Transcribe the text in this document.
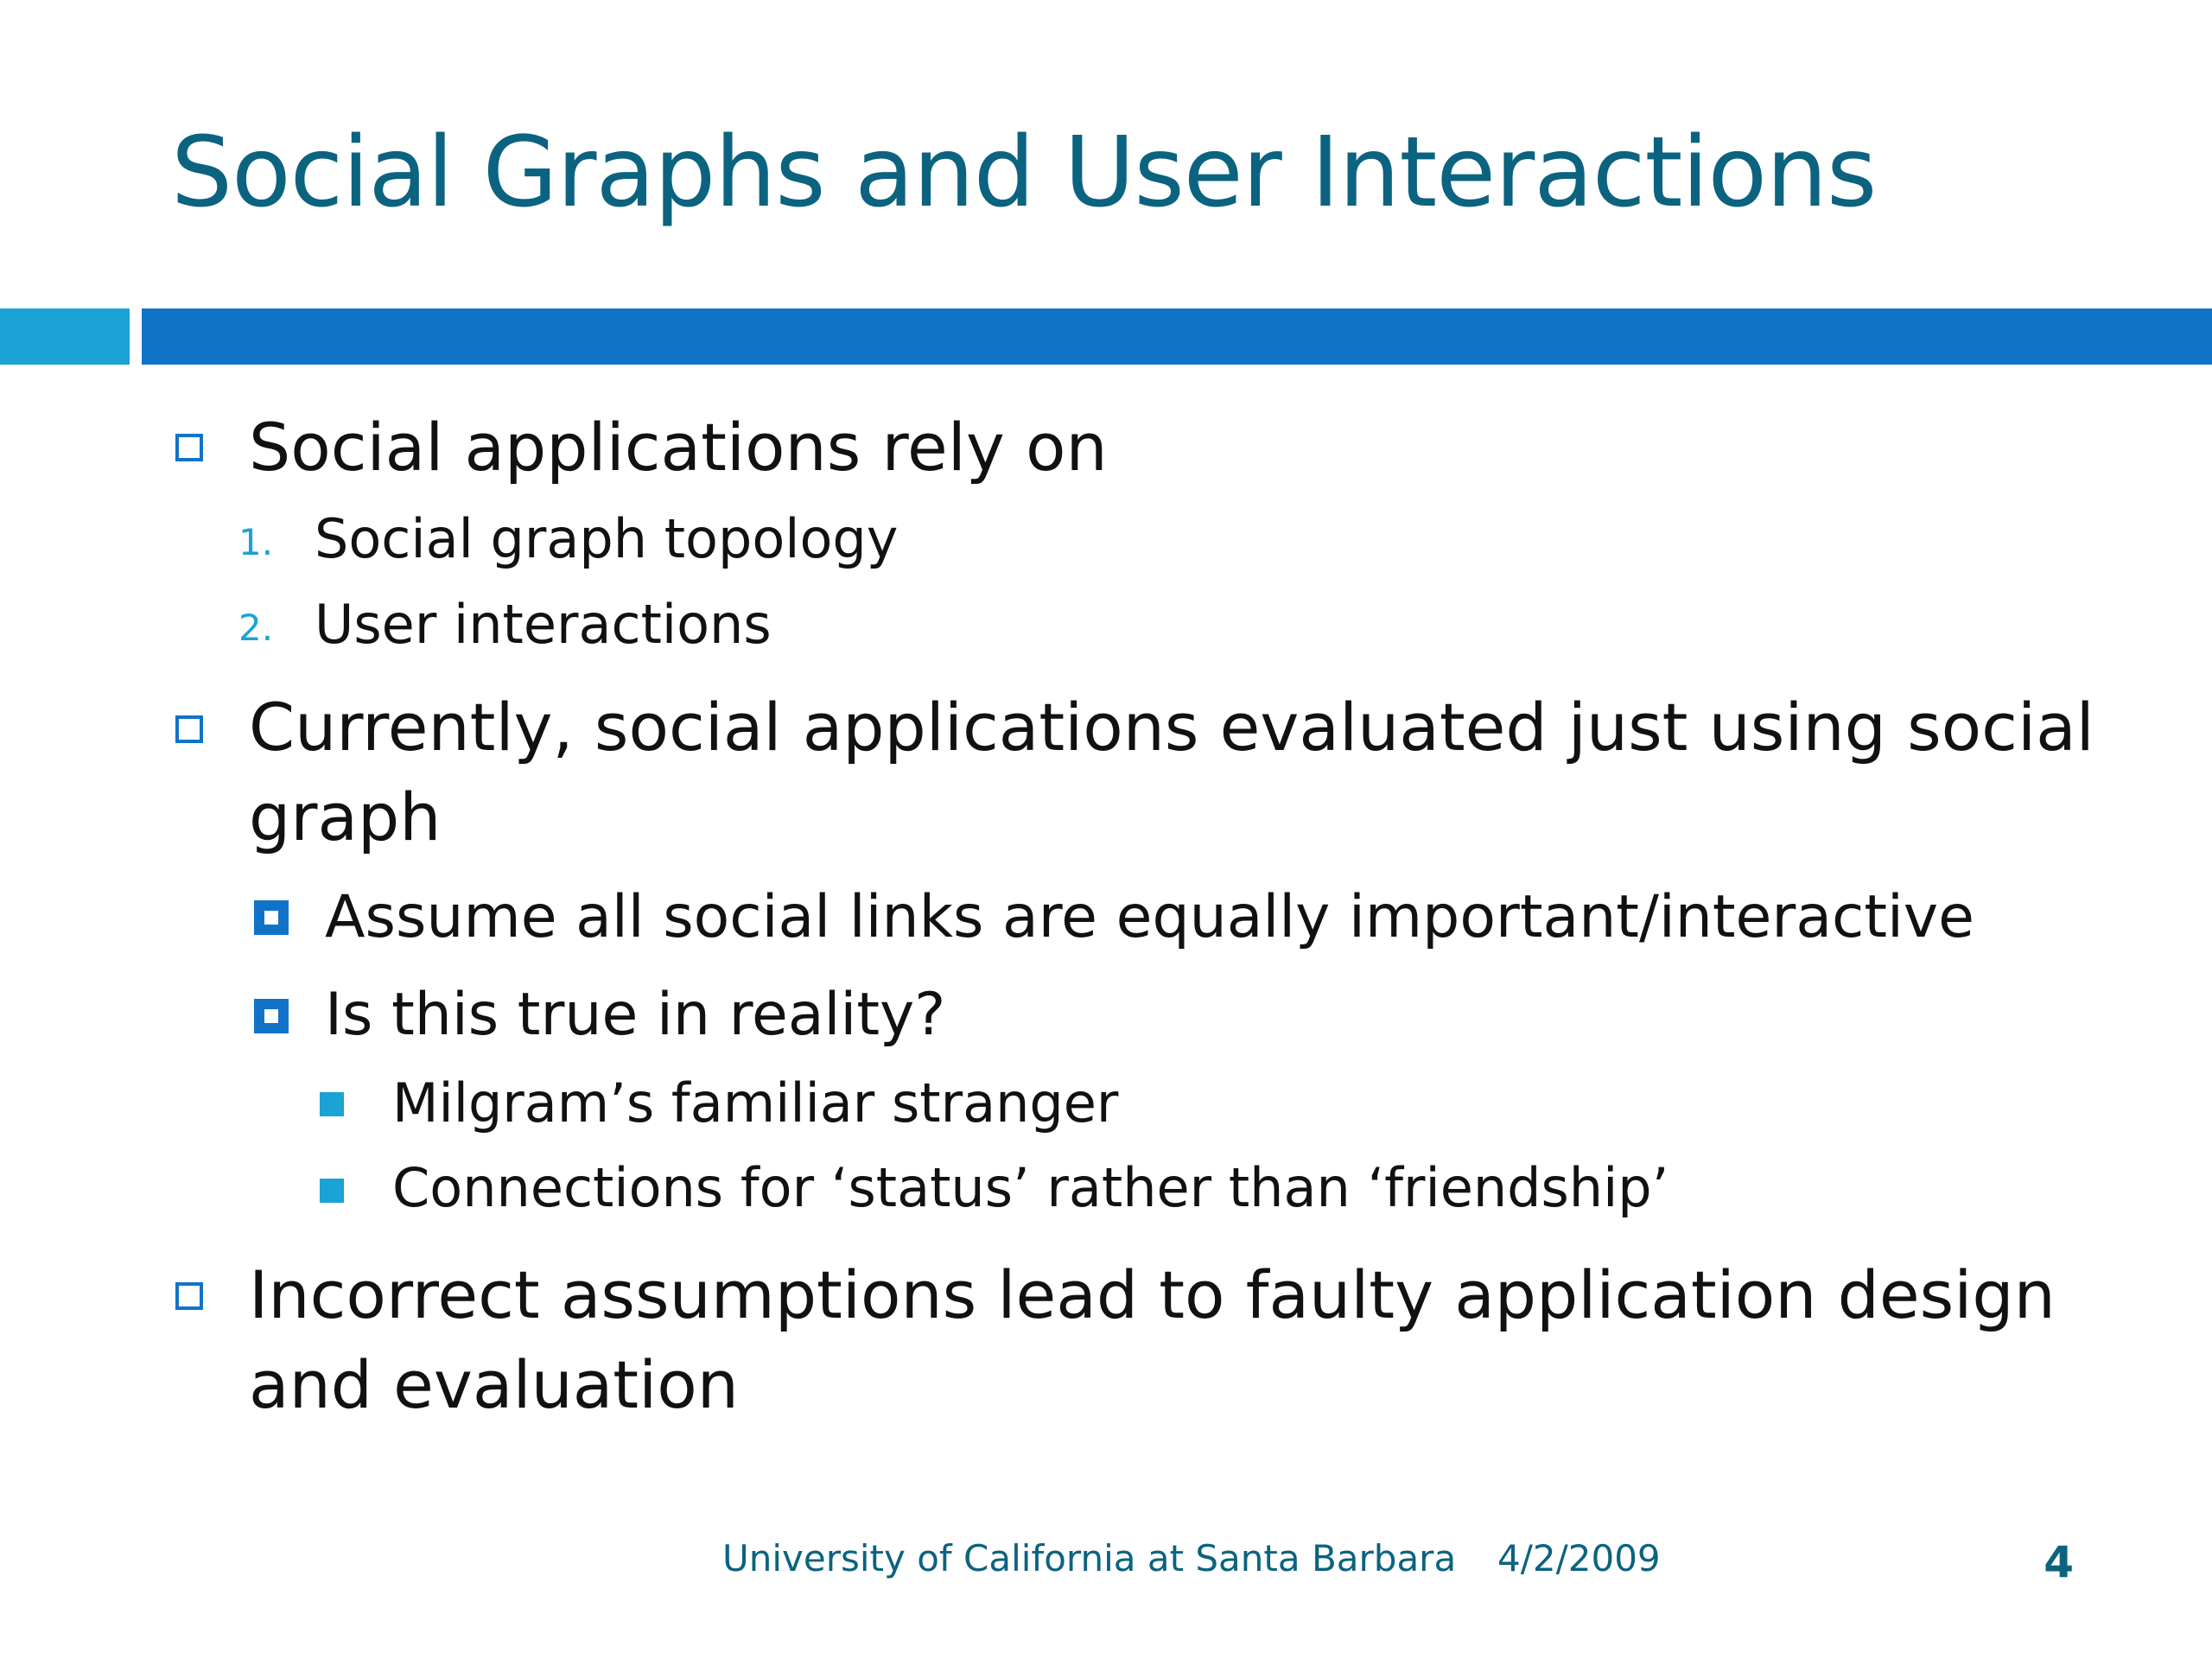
Social Graphs and User Interactions
Social applications rely on
1. Social graph topology
2. User interactions
Currently, social applications evaluated just using social graph
Assume all social links are equally important/interactive
Is this true in reality?
Milgram’s familiar stranger
Connections for ‘status’ rather than ‘friendship’
Incorrect assumptions lead to faulty application design and evaluation
University of California at Santa Barbara 4/2/2009	4
